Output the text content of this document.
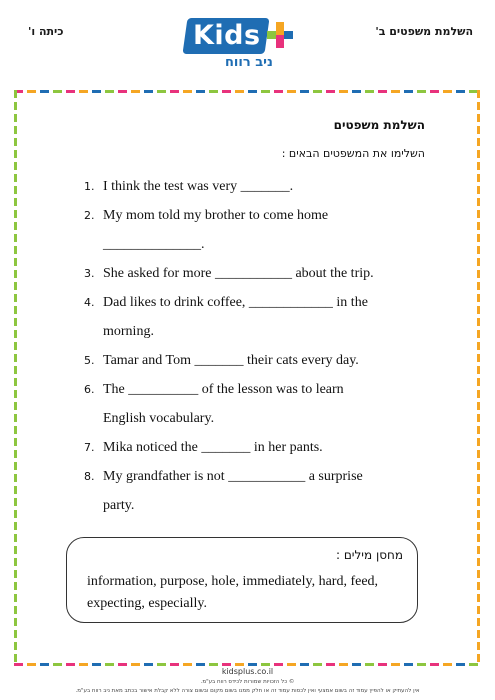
השלמת משפטים ב'
כיתה ו'	Kids
ניב רווח
השלמת משפטים
השלימו את המשפטים הבאים :
1. I think the test was very _______.
2. My mom told my brother to come home
______________.
3. She asked for more ___________ about the trip.
4. Dad likes to drink coffee, ____________ in the
morning.
5. Tamar and Tom _______ their cats every day.
6. The __________ of the lesson was to learn
English vocabulary.
7. Mika noticed the _______ in her pants.
8. My grandfather is not ___________ a surprise
party.
מחסן מילים :
information, purpose, hole, immediately, hard, feed, expecting, especially.
kidsplus.co.il
© כל הזכויות שמורות לכידס רווח בע"מ.
אין להעתיק או להפיץ עמוד זה בשום אמצעי ואין לכסות עמוד זה או חלק ממנו בשום מקום ובשום צורה ללא קבלת אישור בכתב מאת ניב רווח בע"מ.
